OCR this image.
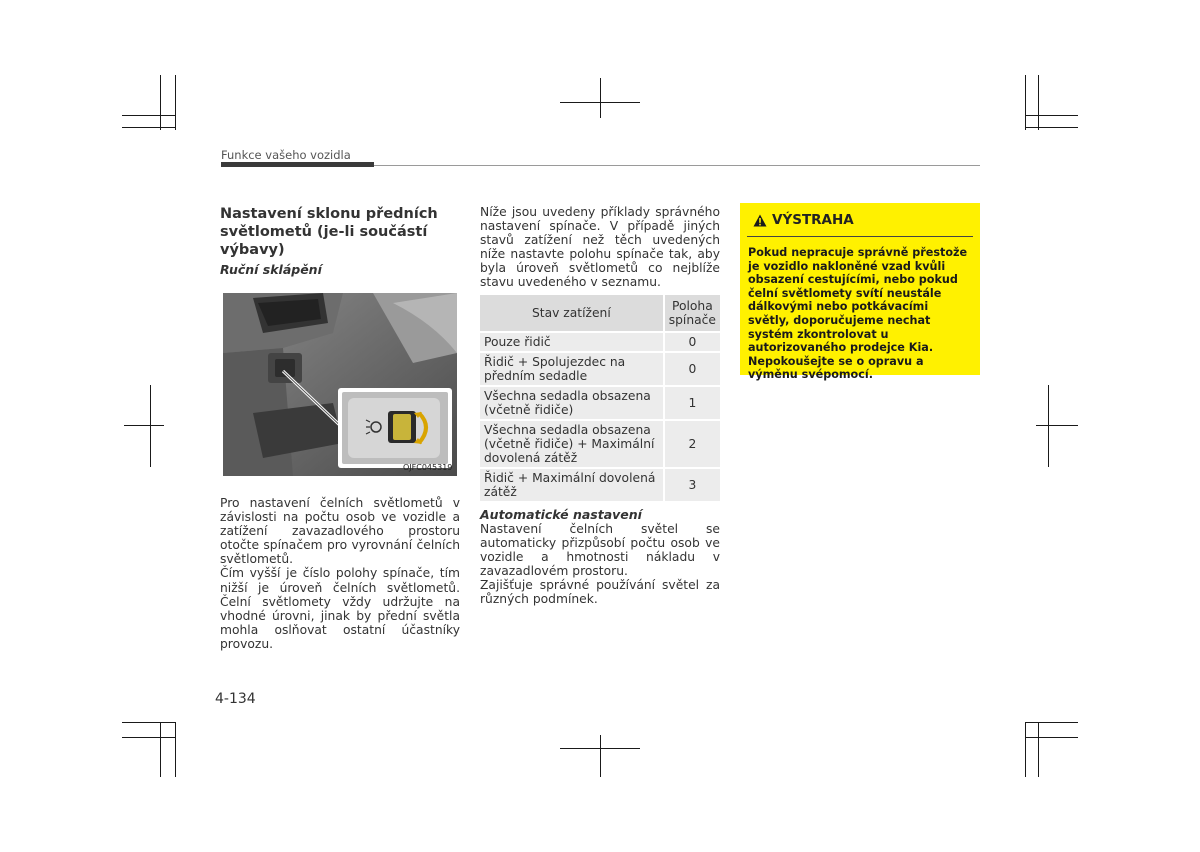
Funkce vašeho vozidla
Nastavení sklonu předních
světlometů (je-li součástí
výbavy)
Ruční sklápění
OJFC045319

Pro nastavení čelních světlometů v závislosti na počtu osob ve vozidle a zatížení zavazadlového prostoru otočte spínačem pro vyrovnání čelních světlometů.

Čím vyšší je číslo polohy spínače, tím nižší je úroveň čelních světlometů. Čelní světlomety vždy udržujte na vhodné úrovni, jinak by přední světla mohla oslňovat ostatní účastníky provozu.

Níže jsou uvedeny příklady správného nastavení spínače. V případě jiných stavů zatížení než těch uvedených níže nastavte polohu spínače tak, aby byla úroveň světlometů co nejblíže stavu uvedeného v seznamu.
Stav zatížení	Poloha spínače
Pouze řidič	0
Řidič + Spolujezdec na předním sedadle	0
Všechna sedadla obsazena (včetně řidiče)	1
Všechna sedadla obsazena (včetně řidiče) + Maximální dovolená zátěž	2
Řidič + Maximální dovolená zátěž	3
Automatické nastavení

Nastavení čelních světel se automaticky přizpůsobí počtu osob ve vozidle a hmotnosti nákladu v zavazadlovém prostoru.

Zajišťuje správné používání světel za různých podmínek.

VÝSTRAHA

Pokud nepracuje správně přestože je vozidlo nakloněné vzad kvůli obsazení cestujícími, nebo pokud čelní světlomety svítí neustále dálkovými nebo potkávacími světly, doporučujeme nechat systém zkontrolovat u autorizovaného prodejce Kia.

Nepokoušejte se o opravu a výměnu svépomocí.

4-134
